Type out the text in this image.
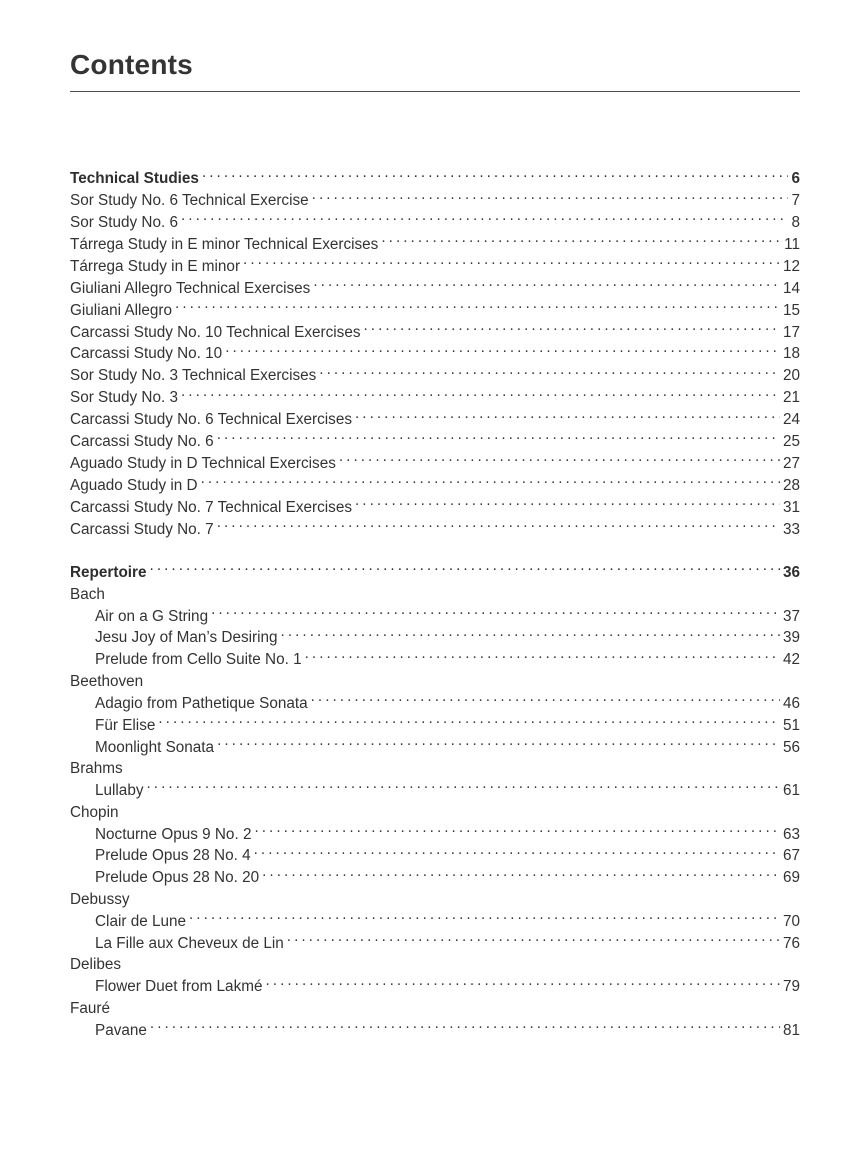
Contents
Technical Studies . . .	6
Sor Study No. 6 Technical Exercise . . .	7
Sor Study No. 6 . . .	8
Tárrega Study in E minor Technical Exercises . . .	11
Tárrega Study in E minor . . .	12
Giuliani Allegro Technical Exercises . . .	14
Giuliani Allegro . . .	15
Carcassi Study No. 10 Technical Exercises . . .	17
Carcassi Study No. 10 . . .	18
Sor Study No. 3 Technical Exercises . . .	20
Sor Study No. 3 . . .	21
Carcassi Study No. 6 Technical Exercises . . .	24
Carcassi Study No. 6 . . .	25
Aguado Study in D Technical Exercises . . .	27
Aguado Study in D . . .	28
Carcassi Study No. 7 Technical Exercises . . .	31
Carcassi Study No. 7 . . .	33
Repertoire . . .	36
Bach
Air on a G String . . .	37
Jesu Joy of Man’s Desiring . . .	39
Prelude from Cello Suite No. 1 . . .	42
Beethoven
Adagio from Pathetique Sonata . . .	46
Für Elise . . .	51
Moonlight Sonata . . .	56
Brahms
Lullaby . . .	61
Chopin
Nocturne Opus 9 No. 2 . . .	63
Prelude Opus 28 No. 4 . . .	67
Prelude Opus 28 No. 20 . . .	69
Debussy
Clair de Lune . . .	70
La Fille aux Cheveux de Lin . . .	76
Delibes
Flower Duet from Lakmé . . .	79
Fauré
Pavane . . .	81
